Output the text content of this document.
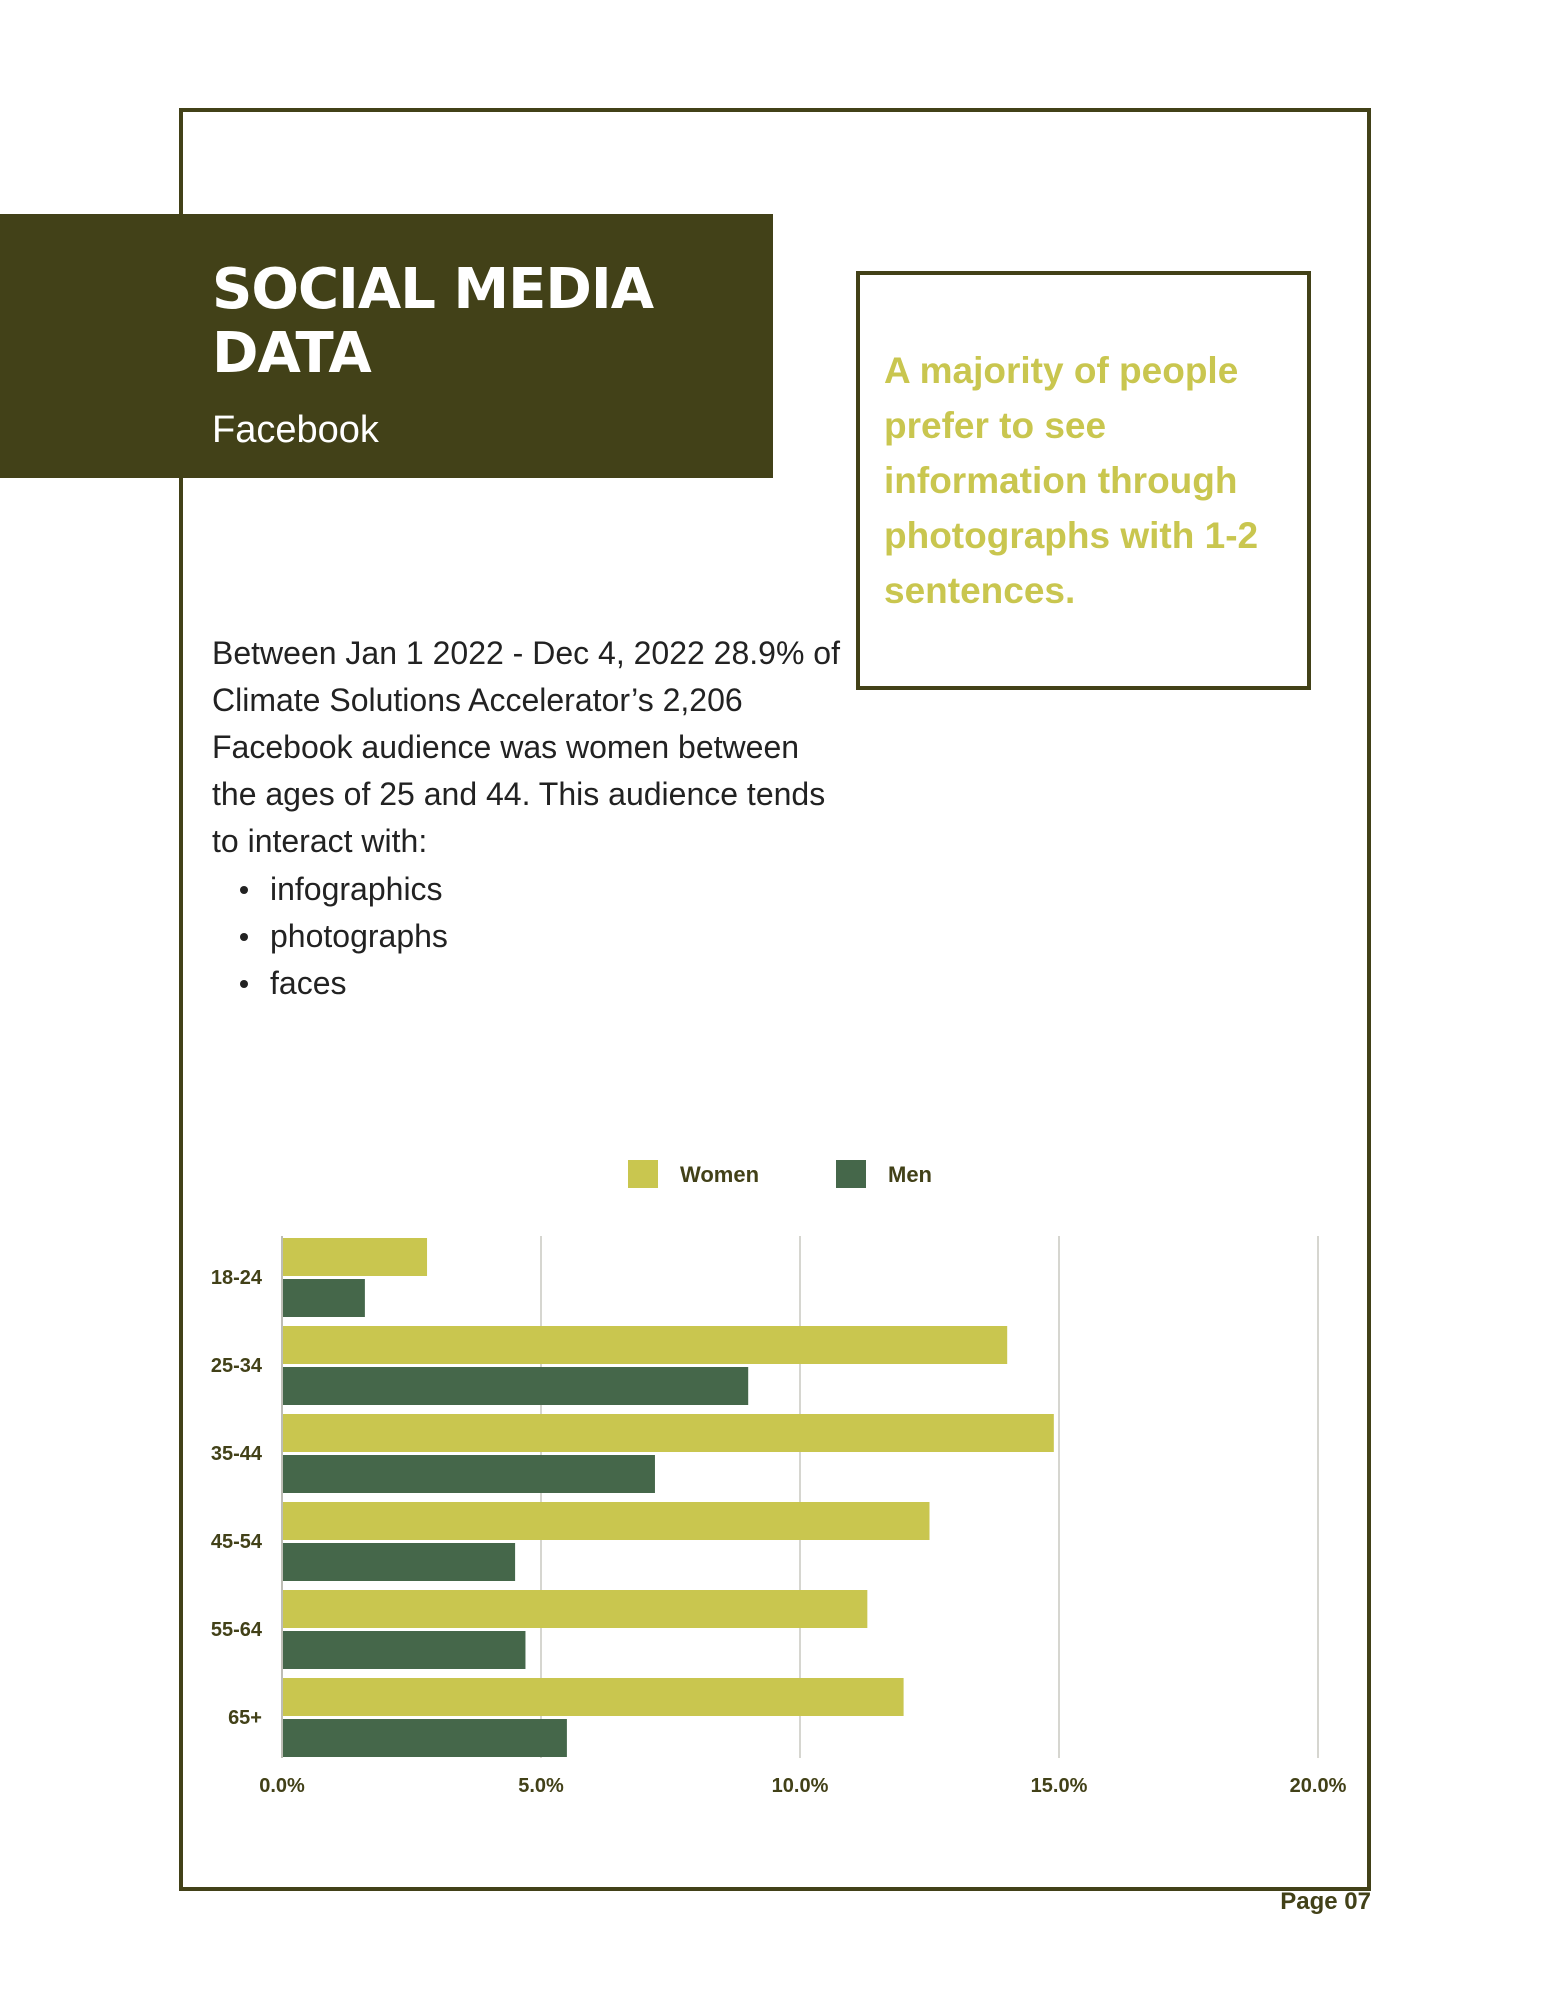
SOCIAL MEDIA
DATA

Facebook

A majority of people prefer to see information through photographs with 1-2 sentences.

Between Jan 1 2022 - Dec 4, 2022 28.9% of Climate Solutions Accelerator’s 2,206 Facebook audience was women between the ages of 25 and 44. This audience tends to interact with:

infographics
photographs
faces
0.0%	5.0%	10.0%	15.0%	20.0%
18-24
25-34
35-44
45-54
55-64
65+
Women	Men

Page 07
